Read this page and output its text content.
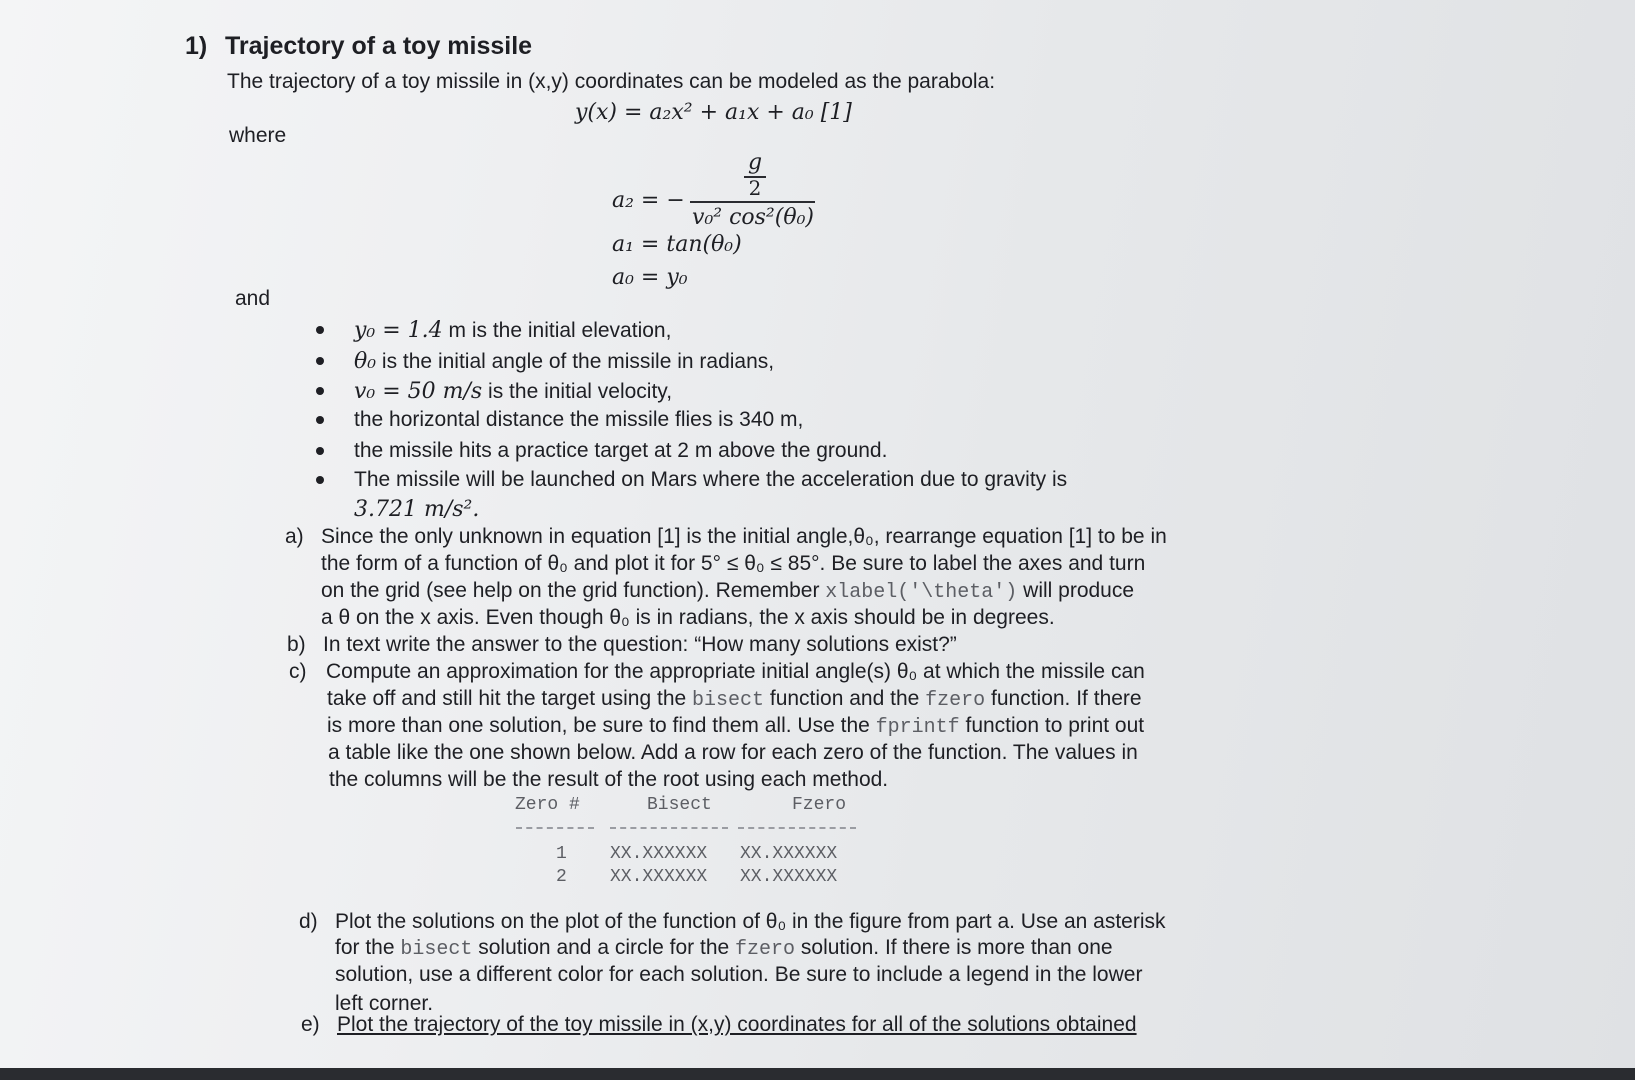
1) Trajectory of a toy missile
The trajectory of a toy missile in (x,y) coordinates can be modeled as the parabola:
y(x) = a₂x² + a₁x + a₀ [1]
where
a₂ = −
g
2
v₀² cos²(θ₀)
a₁ = tan(θ₀)
a₀ = y₀
and
y₀ = 1.4 m is the initial elevation,
θ₀ is the initial angle of the missile in radians,
v₀ = 50 m/s is the initial velocity,
the horizontal distance the missile flies is 340 m,
the missile hits a practice target at 2 m above the ground.
The missile will be launched on Mars where the acceleration due to gravity is
3.721 m/s².
a) Since the only unknown in equation [1] is the initial angle,θ₀, rearrange equation [1] to be in
the form of a function of θ₀ and plot it for 5° ≤ θ₀ ≤ 85°. Be sure to label the axes and turn
on the grid (see help on the grid function). Remember xlabel('\theta') will produce
a θ on the x axis. Even though θ₀ is in radians, the x axis should be in degrees.
b) In text write the answer to the question: “How many solutions exist?”
c) Compute an approximation for the appropriate initial angle(s) θ₀ at which the missile can
take off and still hit the target using the bisect function and the fzero function. If there
is more than one solution, be sure to find them all. Use the fprintf function to print out
a table like the one shown below. Add a row for each zero of the function. The values in
the columns will be the result of the root using each method.
Zero #	Bisect	Fzero
1 XX.XXXXXX XX.XXXXXX
2 XX.XXXXXX XX.XXXXXX
d) Plot the solutions on the plot of the function of θ₀ in the figure from part a. Use an asterisk
for the bisect solution and a circle for the fzero solution. If there is more than one
solution, use a different color for each solution. Be sure to include a legend in the lower
left corner.
e) Plot the trajectory of the toy missile in (x,y) coordinates for all of the solutions obtained
